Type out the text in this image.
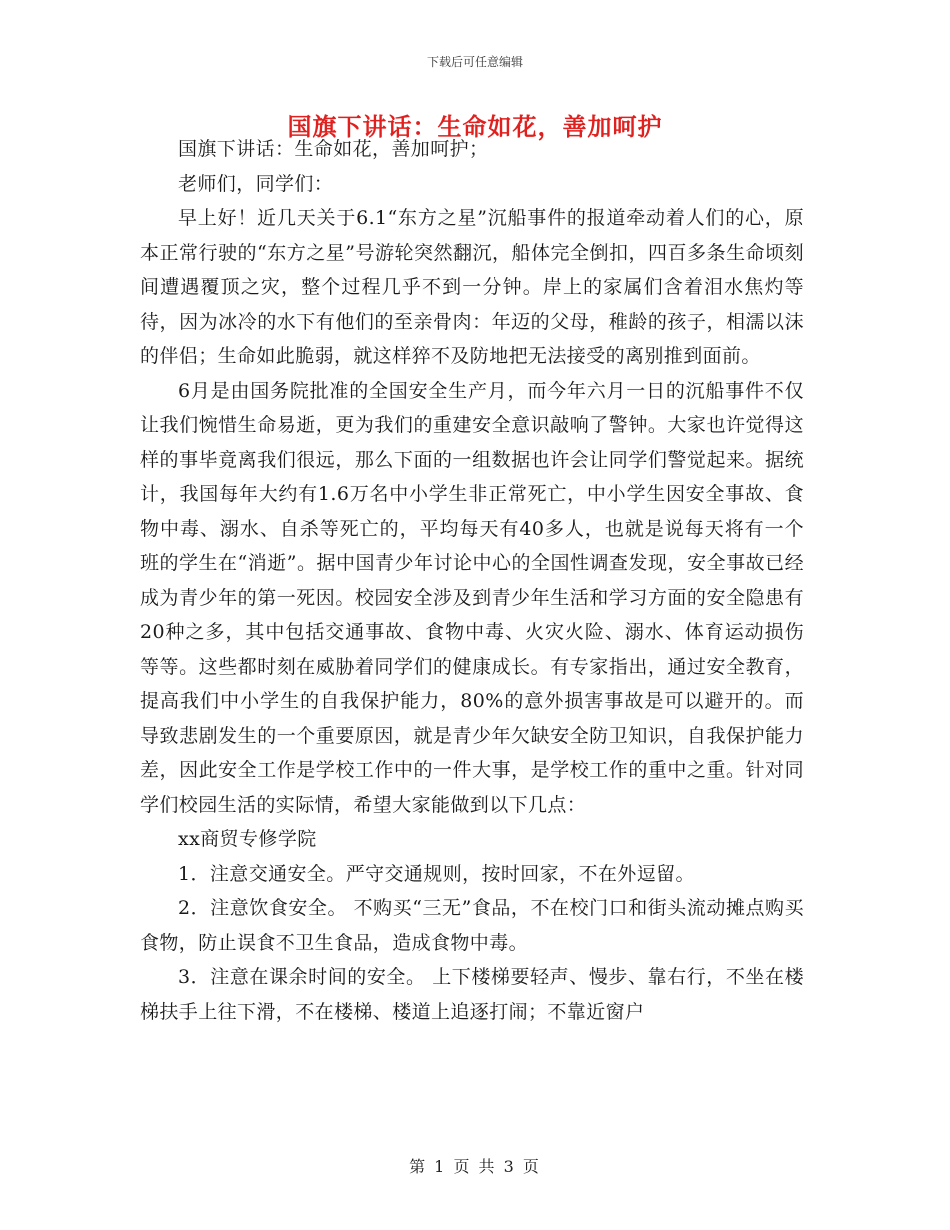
下载后可任意编辑
国旗下讲话：生命如花，善加呵护

国旗下讲话：生命如花，善加呵护；

老师们，同学们：

早上好！近几天关于6.1“东方之星”沉船事件的报道牵动着人们的心，原本正常行驶的“东方之星”号游轮突然翻沉，船体完全倒扣，四百多条生命顷刻间遭遇覆顶之灾，整个过程几乎不到一分钟。岸上的家属们含着泪水焦灼等待，因为冰冷的水下有他们的至亲骨肉：年迈的父母，稚龄的孩子，相濡以沫的伴侣；生命如此脆弱，就这样猝不及防地把无法接受的离别推到面前。

6月是由国务院批准的全国安全生产月，而今年六月一日的沉船事件不仅让我们惋惜生命易逝，更为我们的重建安全意识敲响了警钟。大家也许觉得这样的事毕竟离我们很远，那么下面的一组数据也许会让同学们警觉起来。据统计，我国每年大约有1.6万名中小学生非正常死亡，中小学生因安全事故、食物中毒、溺水、自杀等死亡的，平均每天有40多人，也就是说每天将有一个班的学生在“消逝”。据中国青少年讨论中心的全国性调查发现，安全事故已经成为青少年的第一死因。校园安全涉及到青少年生活和学习方面的安全隐患有20种之多，其中包括交通事故、食物中毒、火灾火险、溺水、体育运动损伤等等。这些都时刻在威胁着同学们的健康成长。有专家指出，通过安全教育，提高我们中小学生的自我保护能力，80%的意外损害事故是可以避开的。而导致悲剧发生的一个重要原因，就是青少年欠缺安全防卫知识，自我保护能力差，因此安全工作是学校工作中的一件大事，是学校工作的重中之重。针对同学们校园生活的实际情，希望大家能做到以下几点：

xx商贸专修学院

1．注意交通安全。严守交通规则，按时回家，不在外逗留。

2．注意饮食安全。 不购买“三无”食品，不在校门口和街头流动摊点购买食物，防止误食不卫生食品，造成食物中毒。

3．注意在课余时间的安全。 上下楼梯要轻声、慢步、靠右行，不坐在楼梯扶手上往下滑，不在楼梯、楼道上追逐打闹；不靠近窗户

第 1 页 共 3 页
